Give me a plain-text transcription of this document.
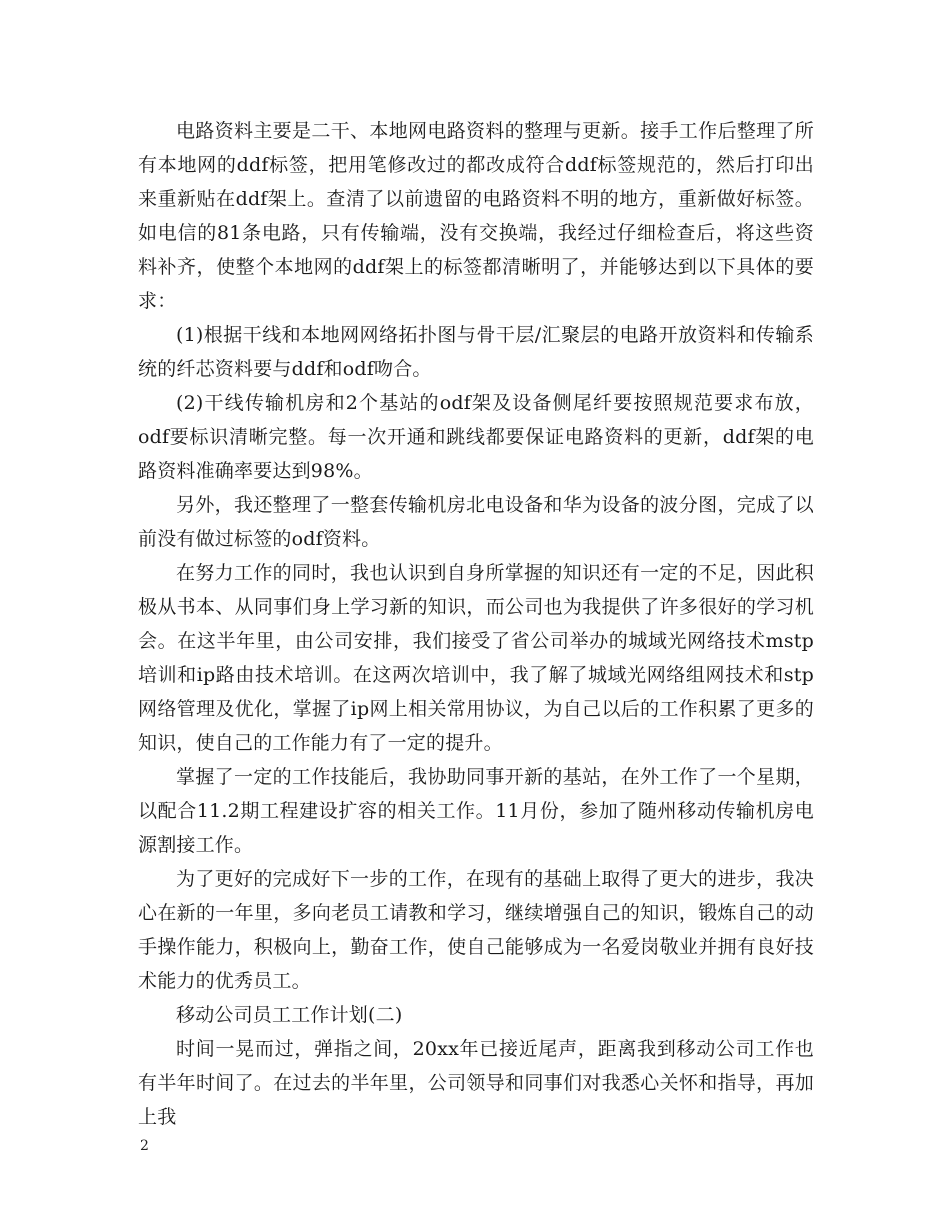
电路资料主要是二干、本地网电路资料的整理与更新。接手工作后整理了所有本地网的ddf标签，把用笔修改过的都改成符合ddf标签规范的，然后打印出来重新贴在ddf架上。查清了以前遗留的电路资料不明的地方，重新做好标签。如电信的81条电路，只有传输端，没有交换端，我经过仔细检查后，将这些资料补齐，使整个本地网的ddf架上的标签都清晰明了，并能够达到以下具体的要求：

(1)根据干线和本地网网络拓扑图与骨干层/汇聚层的电路开放资料和传输系统的纤芯资料要与ddf和odf吻合。

(2)干线传输机房和2个基站的odf架及设备侧尾纤要按照规范要求布放，odf要标识清晰完整。每一次开通和跳线都要保证电路资料的更新，ddf架的电路资料准确率要达到98%。

另外，我还整理了一整套传输机房北电设备和华为设备的波分图，完成了以前没有做过标签的odf资料。

在努力工作的同时，我也认识到自身所掌握的知识还有一定的不足，因此积极从书本、从同事们身上学习新的知识，而公司也为我提供了许多很好的学习机会。在这半年里，由公司安排，我们接受了省公司举办的城域光网络技术mstp培训和ip路由技术培训。在这两次培训中，我了解了城域光网络组网技术和stp网络管理及优化，掌握了ip网上相关常用协议，为自己以后的工作积累了更多的知识，使自己的工作能力有了一定的提升。

掌握了一定的工作技能后，我协助同事开新的基站，在外工作了一个星期，以配合11.2期工程建设扩容的相关工作。11月份，参加了随州移动传输机房电源割接工作。

为了更好的完成好下一步的工作，在现有的基础上取得了更大的进步，我决心在新的一年里，多向老员工请教和学习，继续增强自己的知识，锻炼自己的动手操作能力，积极向上，勤奋工作，使自己能够成为一名爱岗敬业并拥有良好技术能力的优秀员工。

移动公司员工工作计划(二)

时间一晃而过，弹指之间，20xx年已接近尾声，距离我到移动公司工作也有半年时间了。在过去的半年里，公司领导和同事们对我悉心关怀和指导，再加上我

2
